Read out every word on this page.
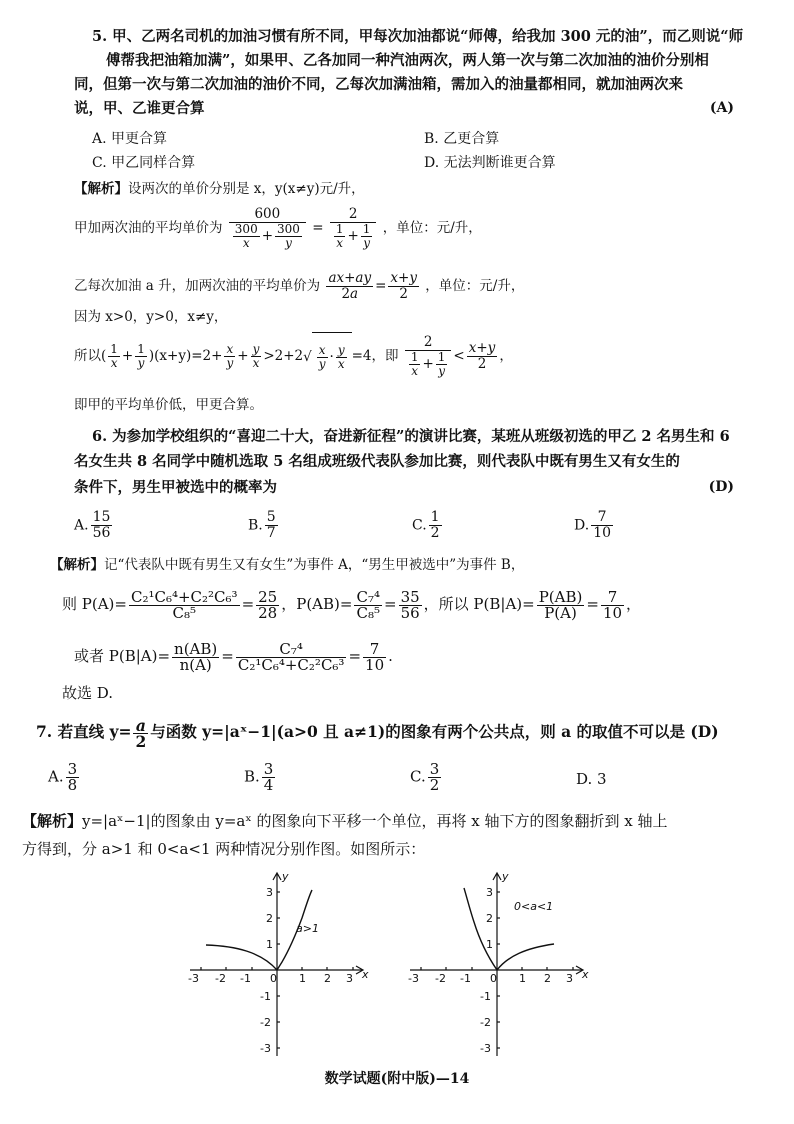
5. 甲、乙两名司机的加油习惯有所不同，甲每次加油都说“师傅，给我加 300 元的油”，而乙则说“师
傅帮我把油箱加满”，如果甲、乙各加同一种汽油两次，两人第一次与第二次加油的油价分别相
同，但第一次与第二次加油的油价不同，乙每次加满油箱，需加入的油量都相同，就加油两次来
说，甲、乙谁更合算	(A)
A. 甲更合算	B. 乙更合算
C. 甲乙同样合算	D. 无法判断谁更合算
【解析】设两次的单价分别是 x，y(x≠y)元/升，
甲加两次油的平均单价为 $\frac{600}{\frac{300}{x} + \frac{300}{y}} = \frac{2}{\frac{1}{x} + \frac{1}{y}}$ ，单位：元/升，
乙每次加油 a 升，加两次油的平均单价为 $\frac{ax+ay}{2a} = \frac{x+y}{2}$ ，单位：元/升，
因为 x>0，y>0，x≠y，
所以( $\frac{1}{x} + \frac{1}{y} )(x+y)=2+ \frac{x}{y} + \frac{y}{x} >2+2√ \frac{x}{y} \cdot \frac{y}{x} =4$，即 $\frac{2}{\frac{1}{x} + \frac{1}{y}} < \frac{x+y}{2}$ ，
即甲的平均单价低，甲更合算。
6. 为参加学校组织的“喜迎二十大，奋进新征程”的演讲比赛，某班从班级初选的甲乙 2 名男生和 6
名女生共 8 名同学中随机选取 5 名组成班级代表队参加比赛，则代表队中既有男生又有女生的
条件下，男生甲被选中的概率为	(D)
A. $\frac{15}{56}$	B. $\frac{5}{7}$	C. $\frac{1}{2}$	D. $\frac{7}{10}$
【解析】记“代表队中既有男生又有女生”为事件 A，“男生甲被选中”为事件 B，
则 $P(A)= \frac{\text{C₂¹C₆⁴+C₂²C₆³}}{\text{C₈⁵}} = \frac{25}{28}$ ，$P(AB)= \frac{\text{C₇⁴}}{\text{C₈⁵}} = \frac{35}{56}$ ，所以 $P(B|A)= \frac{P(AB)}{P(A)} = \frac{7}{10}$ ，
或者 $P(B|A)= \frac{n(AB)}{n(A)} = \frac{\text{C₇⁴}}{\text{C₂¹C₆⁴+C₂²C₆³}} = \frac{7}{10}$ .
故选 D.
7. 若直线 $y= \frac{a}{2}$ 与函数 y=|aˣ−1|(a>0 且 a≠1)的图象有两个公共点，则 a 的取值不可以是 (D)
A. $\frac{3}{8}$	B. $\frac{3}{4}$	C. $\frac{3}{2}$	D. 3
【解析】y=|aˣ−1|的图象由 y=aˣ 的图象向下平移一个单位，再将 x 轴下方的图象翻折到 x 轴上
方得到，分 a>1 和 0<a<1 两种情况分别作图。如图所示：
-3 -2 -1 0 1 2 3 x
3
2
1
-1
-2
-3
y
a>1
-3 -2 -1 0 1 2 3 x
3
2
1
-1
-2
-3
y
0<a<1
数学试题(附中版)—14
